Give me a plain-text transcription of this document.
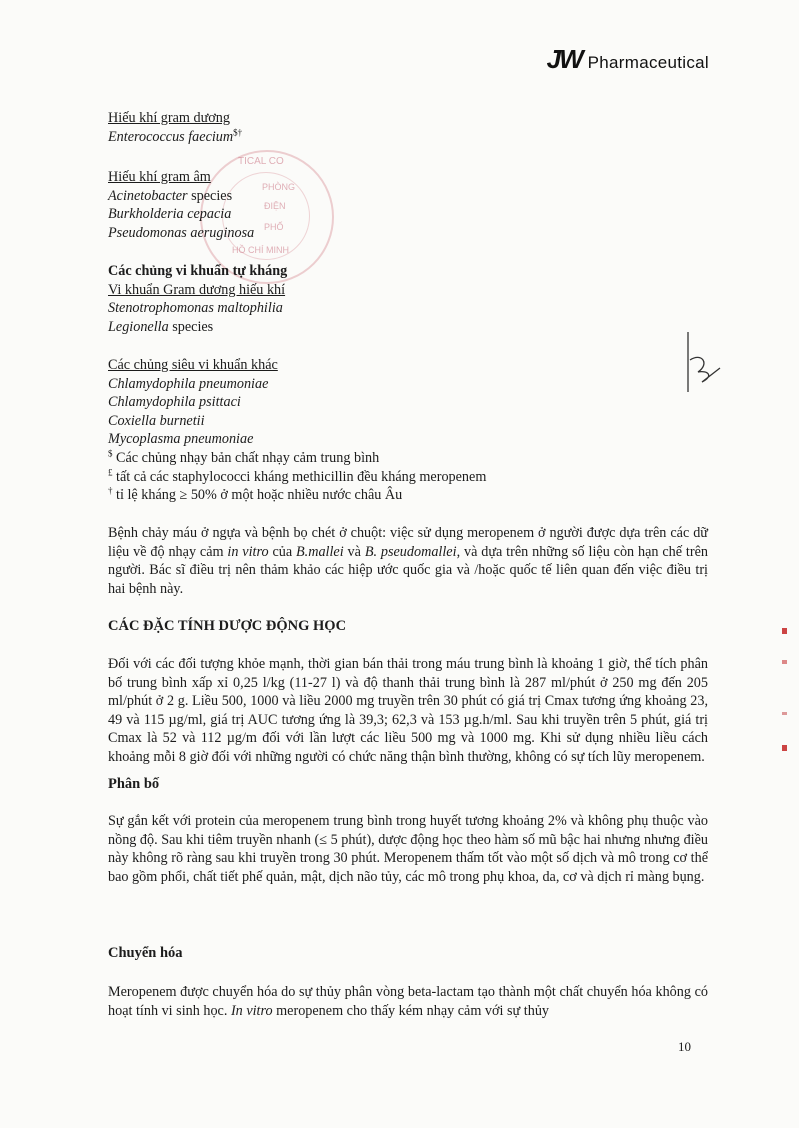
JW Pharmaceutical
TICAL CO
PHÒNG
ĐIỆN
PHỐ
HỒ CHÍ MINH
Hiếu khí gram dương
Enterococcus faecium$†
Hiếu khí gram âm
Acinetobacter species
Burkholderia cepacia
Pseudomonas aeruginosa
Các chủng vi khuẩn tự kháng
Vi khuẩn Gram dương hiếu khí
Stenotrophomonas maltophilia
Legionella species
Các chủng siêu vi khuẩn khác
Chlamydophila pneumoniae
Chlamydophila psittaci
Coxiella burnetii
Mycoplasma pneumoniae
$ Các chủng nhạy bản chất nhạy cảm trung bình
£ tất cả các staphylococci kháng methicillin đều kháng meropenem
† tỉ lệ kháng ≥ 50% ở một hoặc nhiều nước châu Âu
Bệnh chảy máu ở ngựa và bệnh bọ chét ở chuột: việc sử dụng meropenem ở người được dựa trên các dữ liệu về độ nhạy cảm in vitro của B.mallei và B. pseudomallei, và dựa trên những số liệu còn hạn chế trên người. Bác sĩ điều trị nên thảm khảo các hiệp ước quốc gia và /hoặc quốc tế liên quan đến việc điều trị hai bệnh này.
CÁC ĐẶC TÍNH DƯỢC ĐỘNG HỌC
Đối với các đối tượng khỏe mạnh, thời gian bán thải trong máu trung bình là khoảng 1 giờ, thể tích phân bố trung bình xấp xỉ 0,25 l/kg (11-27 l) và độ thanh thải trung bình là 287 ml/phút ở 250 mg đến 205 ml/phút ở 2 g. Liều 500, 1000 và liều 2000 mg truyền trên 30 phút có giá trị Cmax tương ứng khoảng 23, 49 và 115 µg/ml, giá trị AUC tương ứng là 39,3; 62,3 và 153 µg.h/ml. Sau khi truyền trên 5 phút, giá trị Cmax là 52 và 112 µg/m đối với lần lượt các liều 500 mg và 1000 mg. Khi sử dụng nhiều liều cách khoảng mỗi 8 giờ đối với những người có chức năng thận bình thường, không có sự tích lũy meropenem.
Phân bố
Sự gắn kết với protein của meropenem trung bình trong huyết tương khoảng 2% và không phụ thuộc vào nồng độ. Sau khi tiêm truyền nhanh (≤ 5 phút), dược động học theo hàm số mũ bậc hai nhưng nhưng điều này không rõ ràng sau khi truyền trong 30 phút. Meropenem thấm tốt vào một số dịch và mô trong cơ thể bao gồm phổi, chất tiết phế quản, mật, dịch não tủy, các mô trong phụ khoa, da, cơ và dịch rỉ màng bụng.
Chuyển hóa
Meropenem được chuyển hóa do sự thủy phân vòng beta-lactam tạo thành một chất chuyển hóa không có hoạt tính vi sinh học. In vitro meropenem cho thấy kém nhạy cảm với sự thủy
10
